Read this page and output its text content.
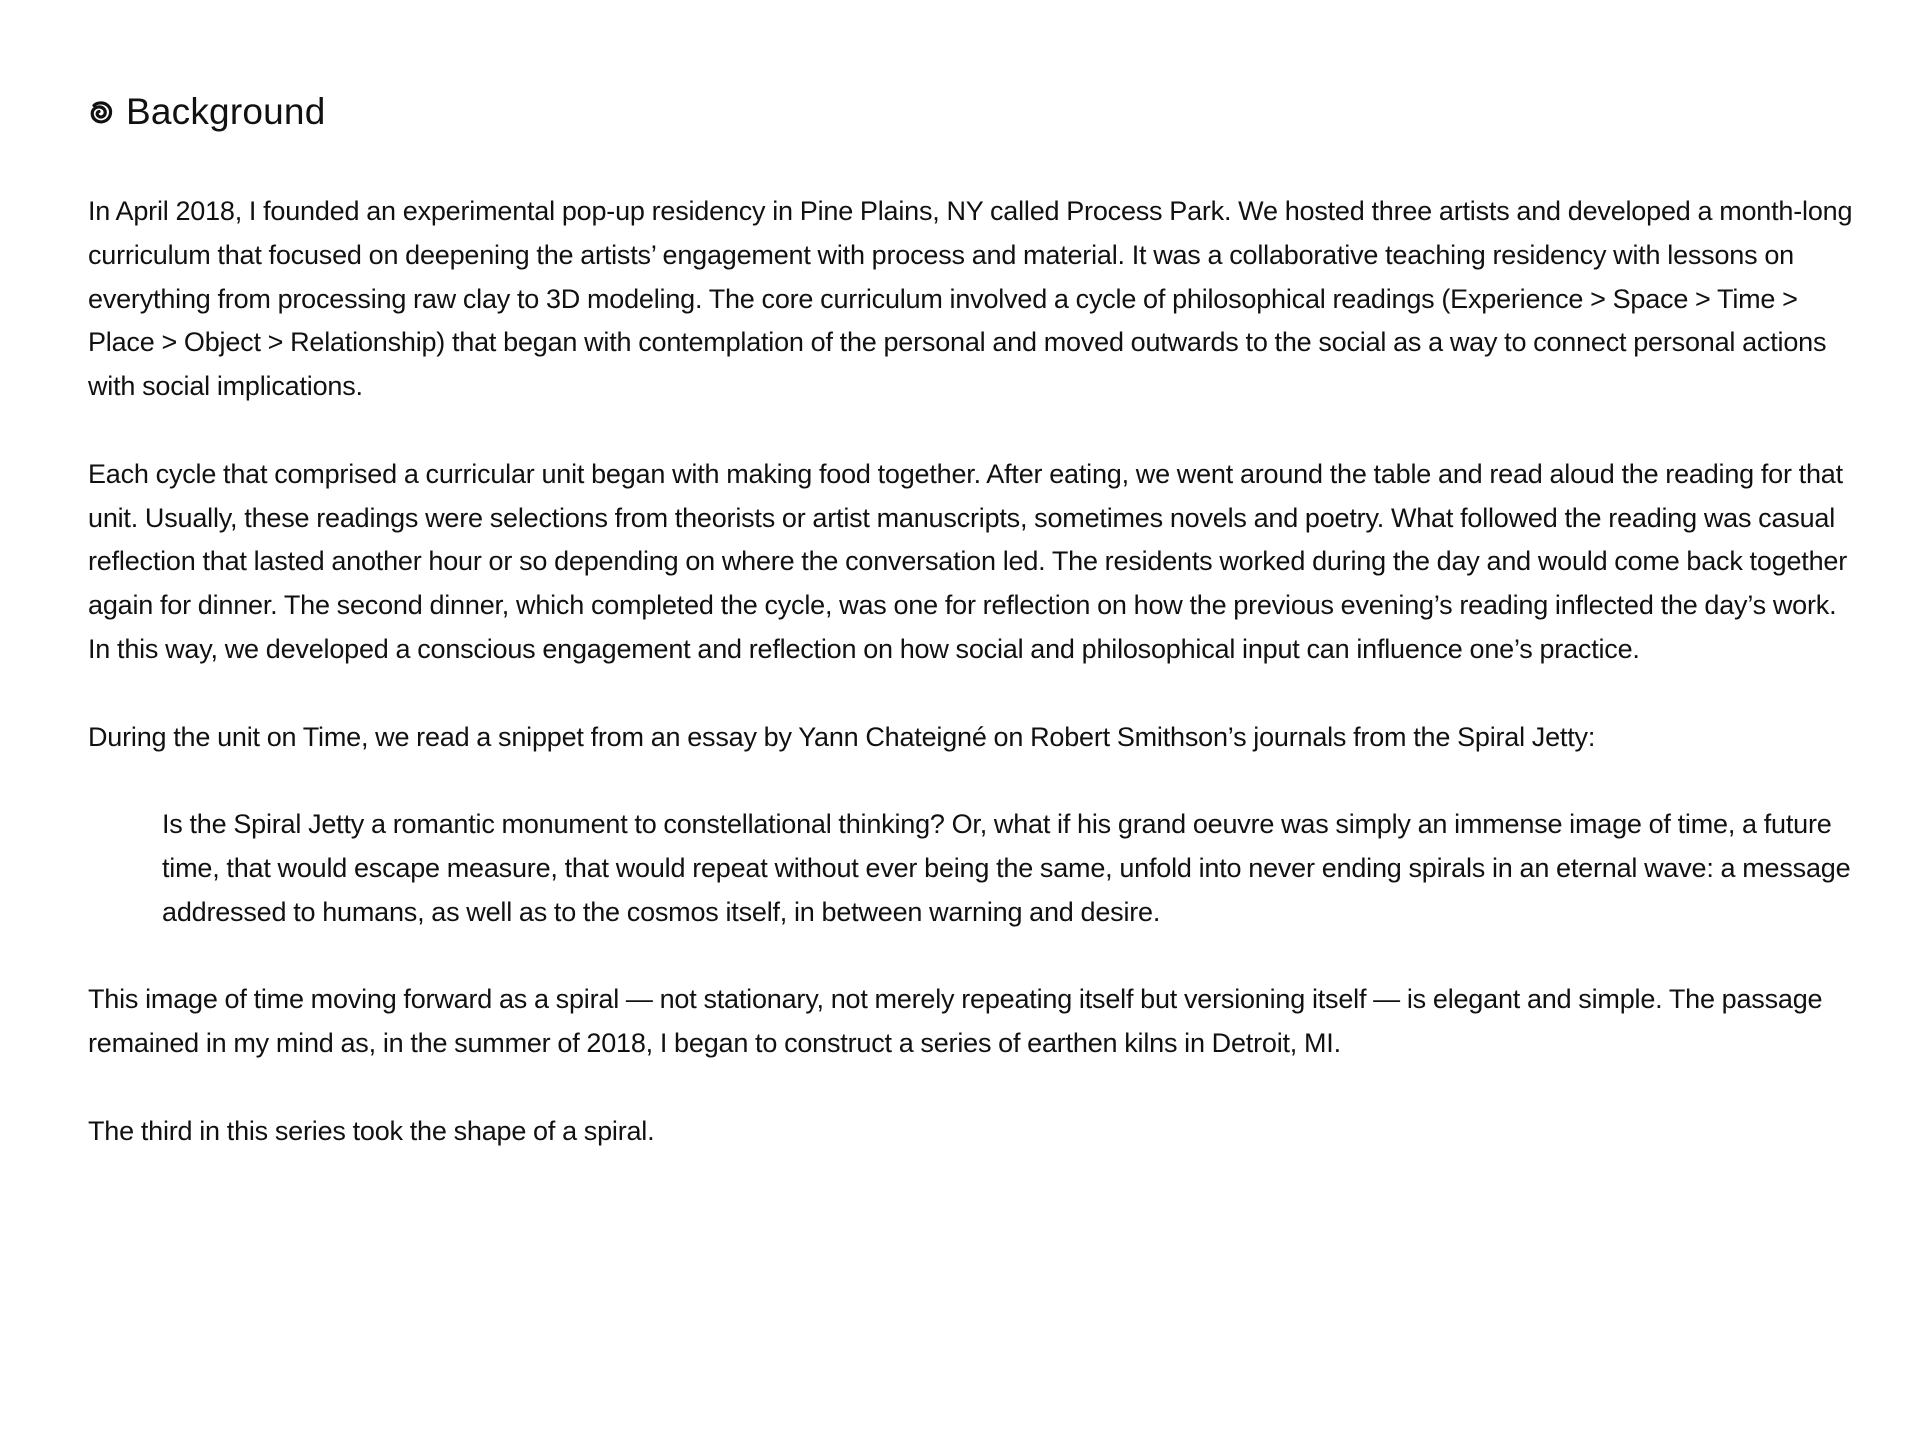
Background

In April 2018, I founded an experimental pop-up residency in Pine Plains, NY called Process Park. We hosted three artists and developed a month-long curriculum that focused on deepening the artists’ engagement with process and material. It was a collaborative teaching residency with lessons on everything from processing raw clay to 3D modeling. The core curriculum involved a cycle of philosophical readings (Experience > Space > Time > Place > Object > Relationship) that began with contemplation of the personal and moved outwards to the social as a way to connect personal actions with social implications.

Each cycle that comprised a curricular unit began with making food together. After eating, we went around the table and read aloud the reading for that unit. Usually, these readings were selections from theorists or artist manuscripts, sometimes novels and poetry. What followed the reading was casual reflection that lasted another hour or so depending on where the conversation led. The residents worked during the day and would come back together again for dinner. The second dinner, which completed the cycle, was one for reflection on how the previous evening’s reading inflected the day’s work. In this way, we developed a conscious engagement and reflection on how social and philosophical input can influence one’s practice.

During the unit on Time, we read a snippet from an essay by Yann Chateigné on Robert Smithson’s journals from the Spiral Jetty:

Is the Spiral Jetty a romantic monument to constellational thinking? Or, what if his grand oeuvre was simply an immense image of time, a future time, that would escape measure, that would repeat without ever being the same, unfold into never ending spirals in an eternal wave: a message addressed to humans, as well as to the cosmos itself, in between warning and desire.

This image of time moving forward as a spiral — not stationary, not merely repeating itself but versioning itself — is elegant and simple. The passage remained in my mind as, in the summer of 2018, I began to construct a series of earthen kilns in Detroit, MI.

The third in this series took the shape of a spiral.
